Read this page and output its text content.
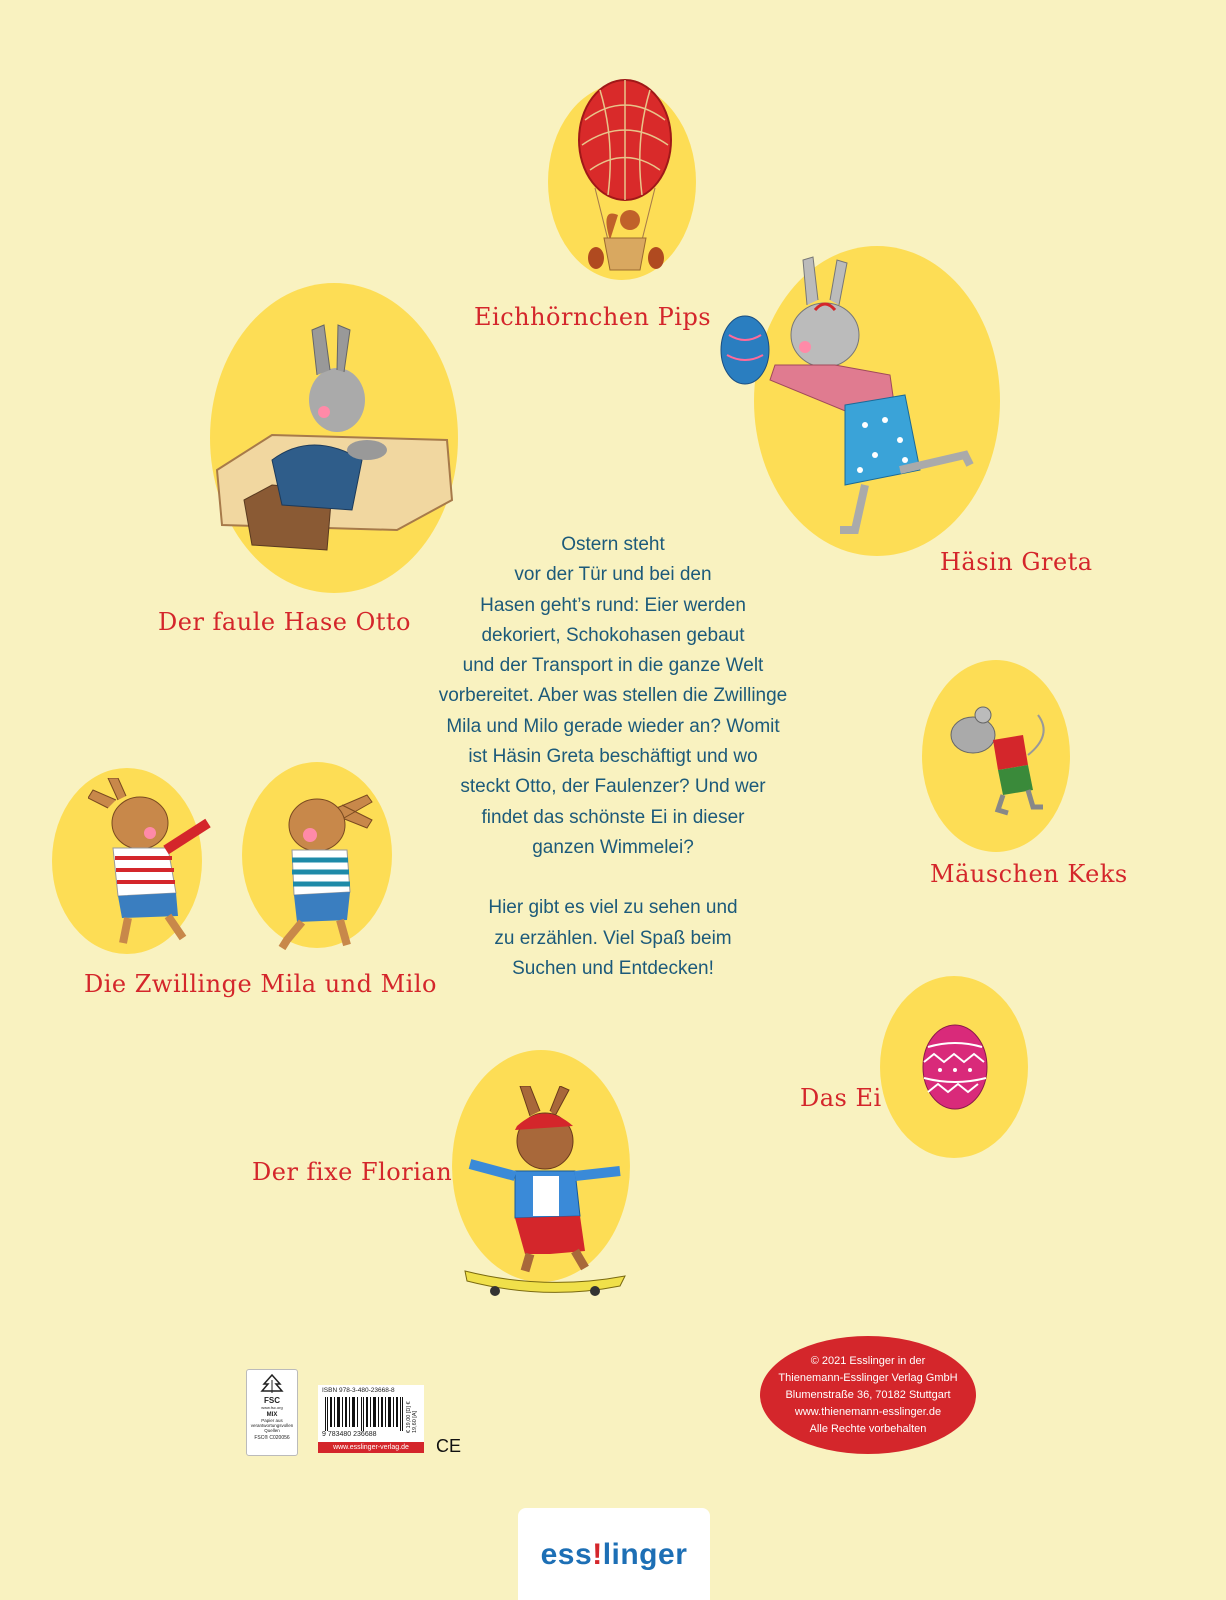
Eichhörnchen Pips
Häsin Greta
Der faule Hase Otto
Mäuschen Keks
Die Zwillinge Mila und Milo
Das Ei
Der fixe Florian

Ostern steht
vor der Tür und bei den
Hasen geht’s rund: Eier werden
dekoriert, Schokohasen gebaut
und der Transport in die ganze Welt
vorbereitet. Aber was stellen die Zwillinge
Mila und Milo gerade wieder an? Womit
ist Häsin Greta beschäftigt und wo
steckt Otto, der Faulenzer? Und wer
findet das schönste Ei in dieser
ganzen Wimmelei?

Hier gibt es viel zu sehen und
zu erzählen. Viel Spaß beim
Suchen und Entdecken!

© 2021 Esslinger in der
Thienemann-Esslinger Verlag GmbH
Blumenstraße 36, 70182 Stuttgart
www.thienemann-esslinger.de
Alle Rechte vorbehalten
FSC
www.fsc.org
MIX
Papier aus verantwortungsvollen Quellen
FSC® C020056
ISBN 978-3-480-23668-8
€ 19,00 [D] € 19,60 [A]
9 783480 236688
www.esslinger-verlag.de	CE
ess!linger
